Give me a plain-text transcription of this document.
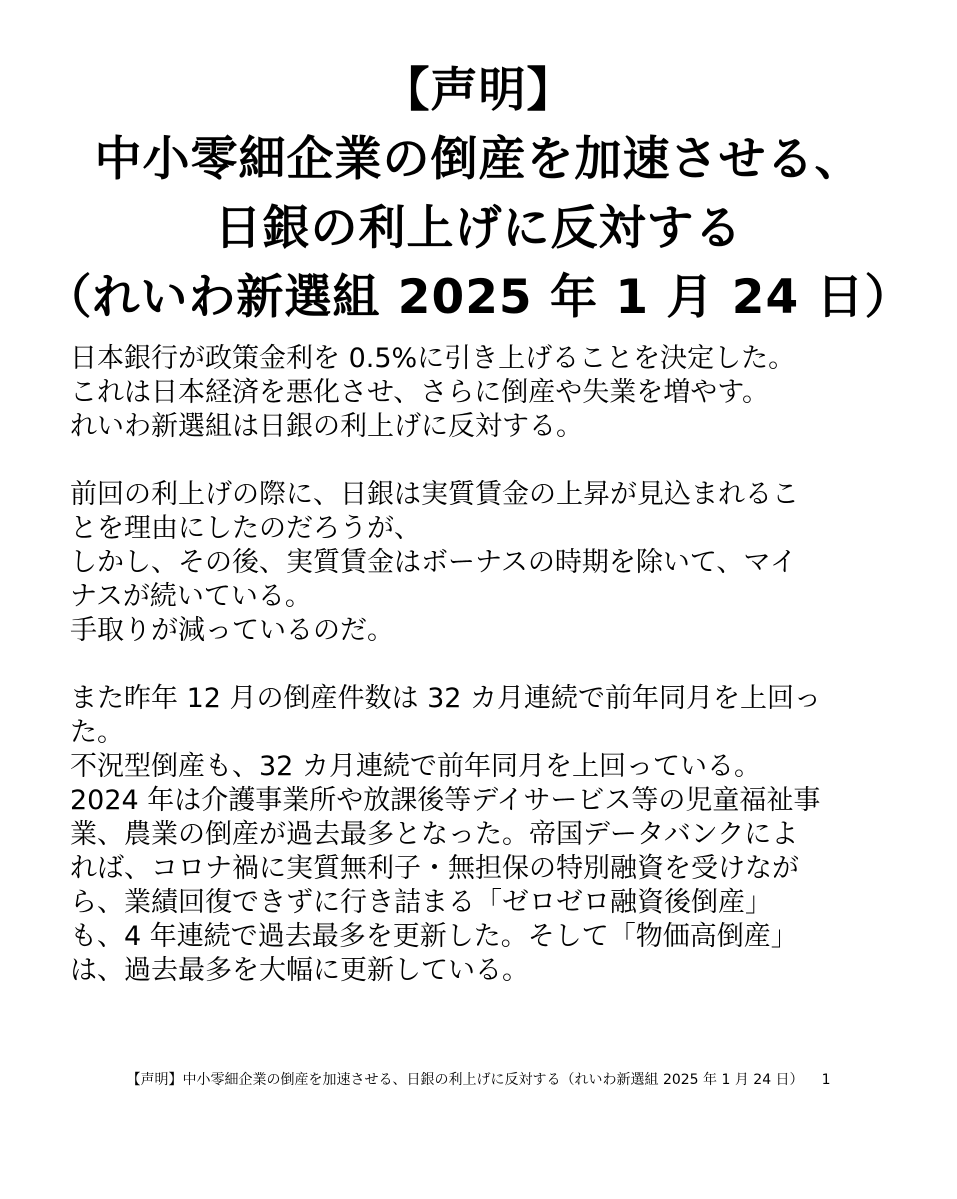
【声明】
中小零細企業の倒産を加速させる、
日銀の利上げに反対する
（れいわ新選組 2025 年 1 月 24 日）
日本銀行が政策金利を 0.5%に引き上げることを決定した。
これは日本経済を悪化させ、さらに倒産や失業を増やす。
れいわ新選組は日銀の利上げに反対する。
前回の利上げの際に、日銀は実質賃金の上昇が見込まれるこ
とを理由にしたのだろうが、
しかし、その後、実質賃金はボーナスの時期を除いて、マイ
ナスが続いている。
手取りが減っているのだ。
また昨年 12 月の倒産件数は 32 カ月連続で前年同月を上回っ
た。
不況型倒産も、32 カ月連続で前年同月を上回っている。
2024 年は介護事業所や放課後等デイサービス等の児童福祉事
業、農業の倒産が過去最多となった。帝国データバンクによ
れば、コロナ禍に実質無利子・無担保の特別融資を受けなが
ら、業績回復できずに行き詰まる「ゼロゼロ融資後倒産」
も、4 年連続で過去最多を更新した。そして「物価高倒産」
は、過去最多を大幅に更新している。
【声明】中小零細企業の倒産を加速させる、日銀の利上げに反対する（れいわ新選組 2025 年 1 月 24 日） 1
